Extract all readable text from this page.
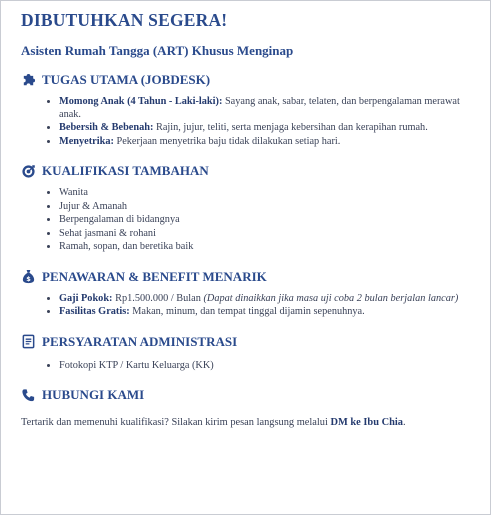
DIBUTUHKAN SEGERA!
Asisten Rumah Tangga (ART) Khusus Menginap
TUGAS UTAMA (JOBDESK)
• Momong Anak (4 Tahun - Laki-laki): Sayang anak, sabar, telaten, dan berpengalaman merawat anak.
• Bebersih & Bebenah: Rajin, jujur, teliti, serta menjaga kebersihan dan kerapihan rumah.
• Menyetrika: Pekerjaan menyetrika baju tidak dilakukan setiap hari.
KUALIFIKASI TAMBAHAN
• Wanita
• Jujur & Amanah
• Berpengalaman di bidangnya
• Sehat jasmani & rohani
• Ramah, sopan, dan beretika baik
$ PENAWARAN & BENEFIT MENARIK
• Gaji Pokok: Rp1.500.000 / Bulan (Dapat dinaikkan jika masa uji coba 2 bulan berjalan lancar)
• Fasilitas Gratis: Makan, minum, dan tempat tinggal dijamin sepenuhnya.
PERSYARATAN ADMINISTRASI
• Fotokopi KTP / Kartu Keluarga (KK)
HUBUNGI KAMI
Tertarik dan memenuhi kualifikasi? Silakan kirim pesan langsung melalui DM ke Ibu Chia.
